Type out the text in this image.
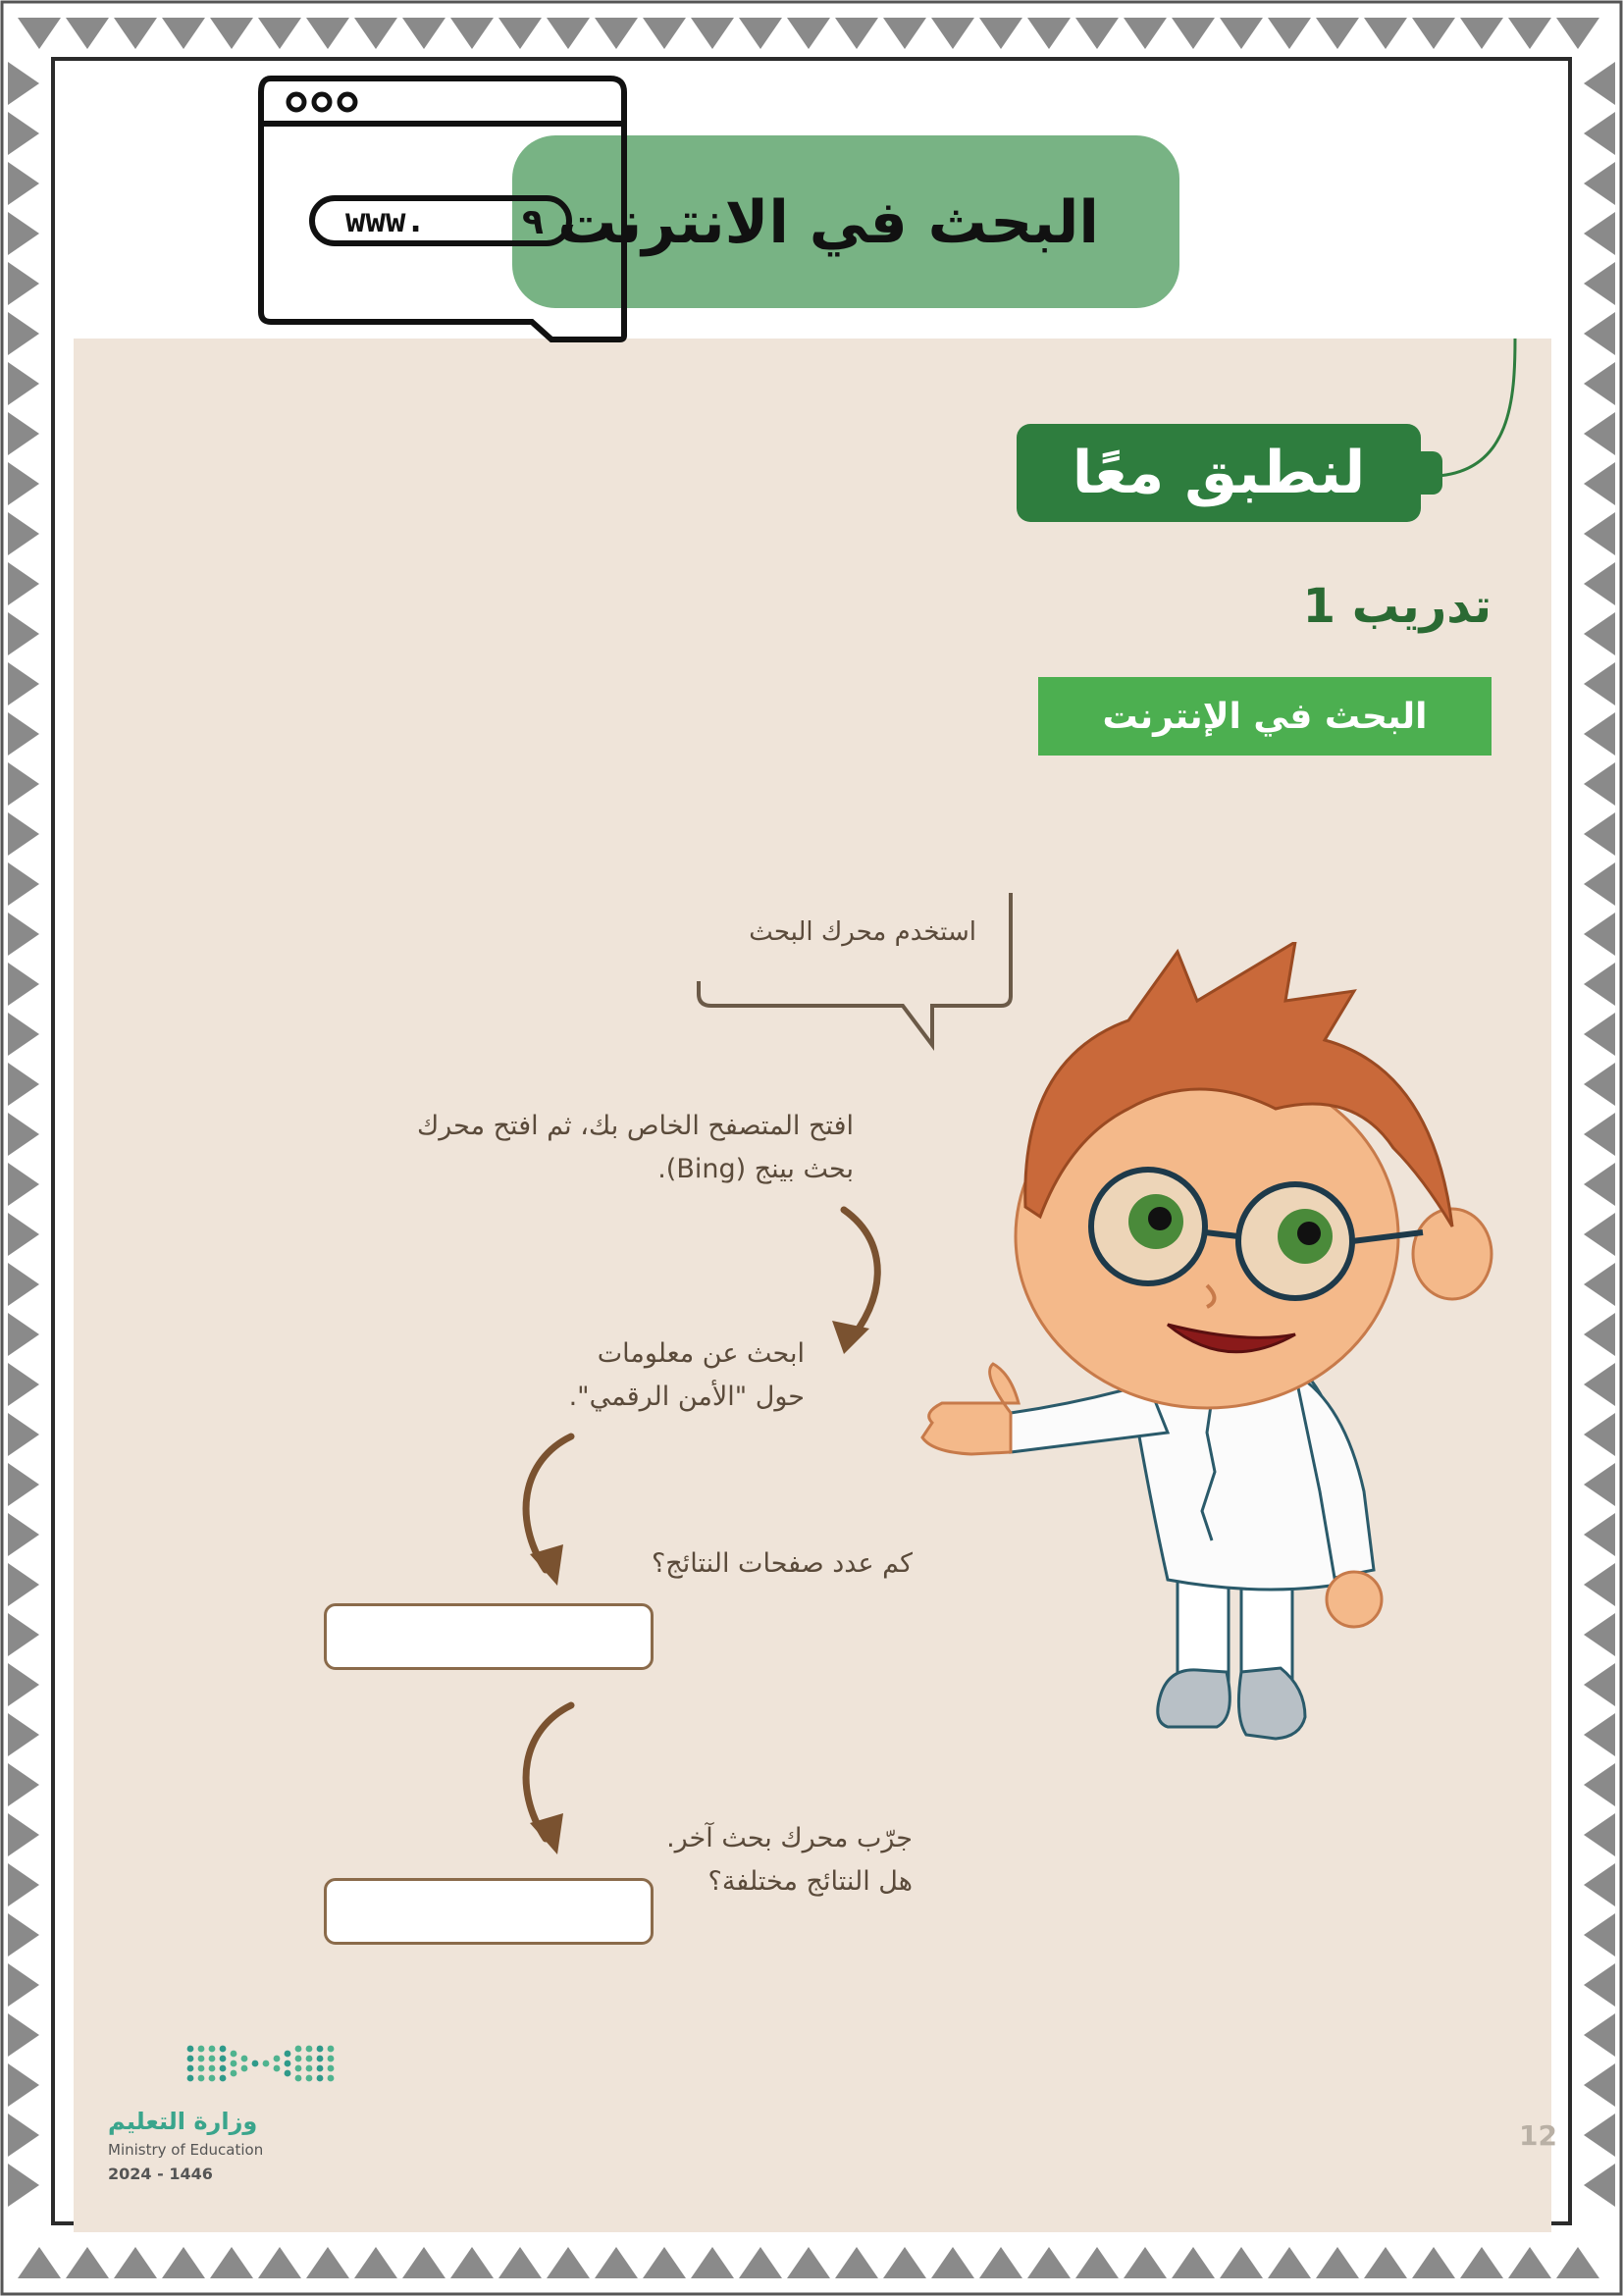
البحث في الانترنت
www.	٩
لنطبق معًا
تدريب 1
البحث في الإنترنت
استخدم محرك البحث
افتح المتصفح الخاص بك، ثم افتح محرك
بحث بينج (Bing).
ابحث عن معلومات
حول "الأمن الرقمي".
كم عدد صفحات النتائج؟
جرّب محرك بحث آخر.
هل النتائج مختلفة؟
وزارة التعليم
Ministry of Education
2024 - 1446
12
